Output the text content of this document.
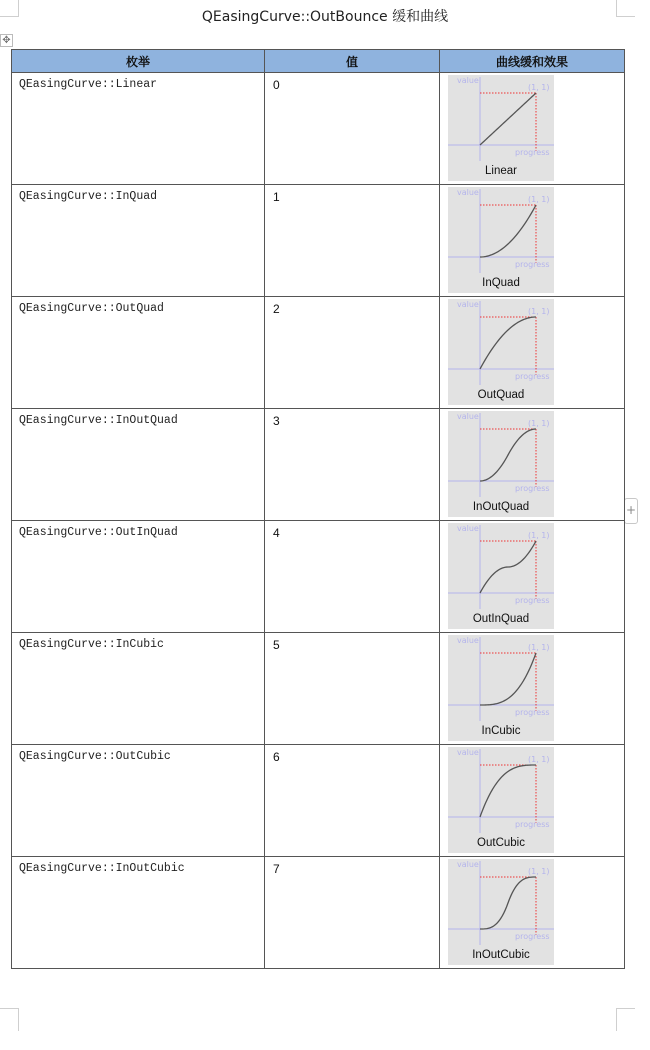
QEasingCurve::OutBounce 缓和曲线
✥
+
枚举	值	曲线缓和效果

QEasingCurve::Linear	0	value
(1, 1)
progress
Linear

QEasingCurve::InQuad	1	value
(1, 1)
progress
InQuad

QEasingCurve::OutQuad	2	value
(1, 1)
progress
OutQuad

QEasingCurve::InOutQuad	3	value
(1, 1)
progress
InOutQuad

QEasingCurve::OutInQuad	4	value
(1, 1)
progress
OutInQuad

QEasingCurve::InCubic	5	value
(1, 1)
progress
InCubic

QEasingCurve::OutCubic	6	value
(1, 1)
progress
OutCubic

QEasingCurve::InOutCubic	7	value
(1, 1)
progress
InOutCubic
